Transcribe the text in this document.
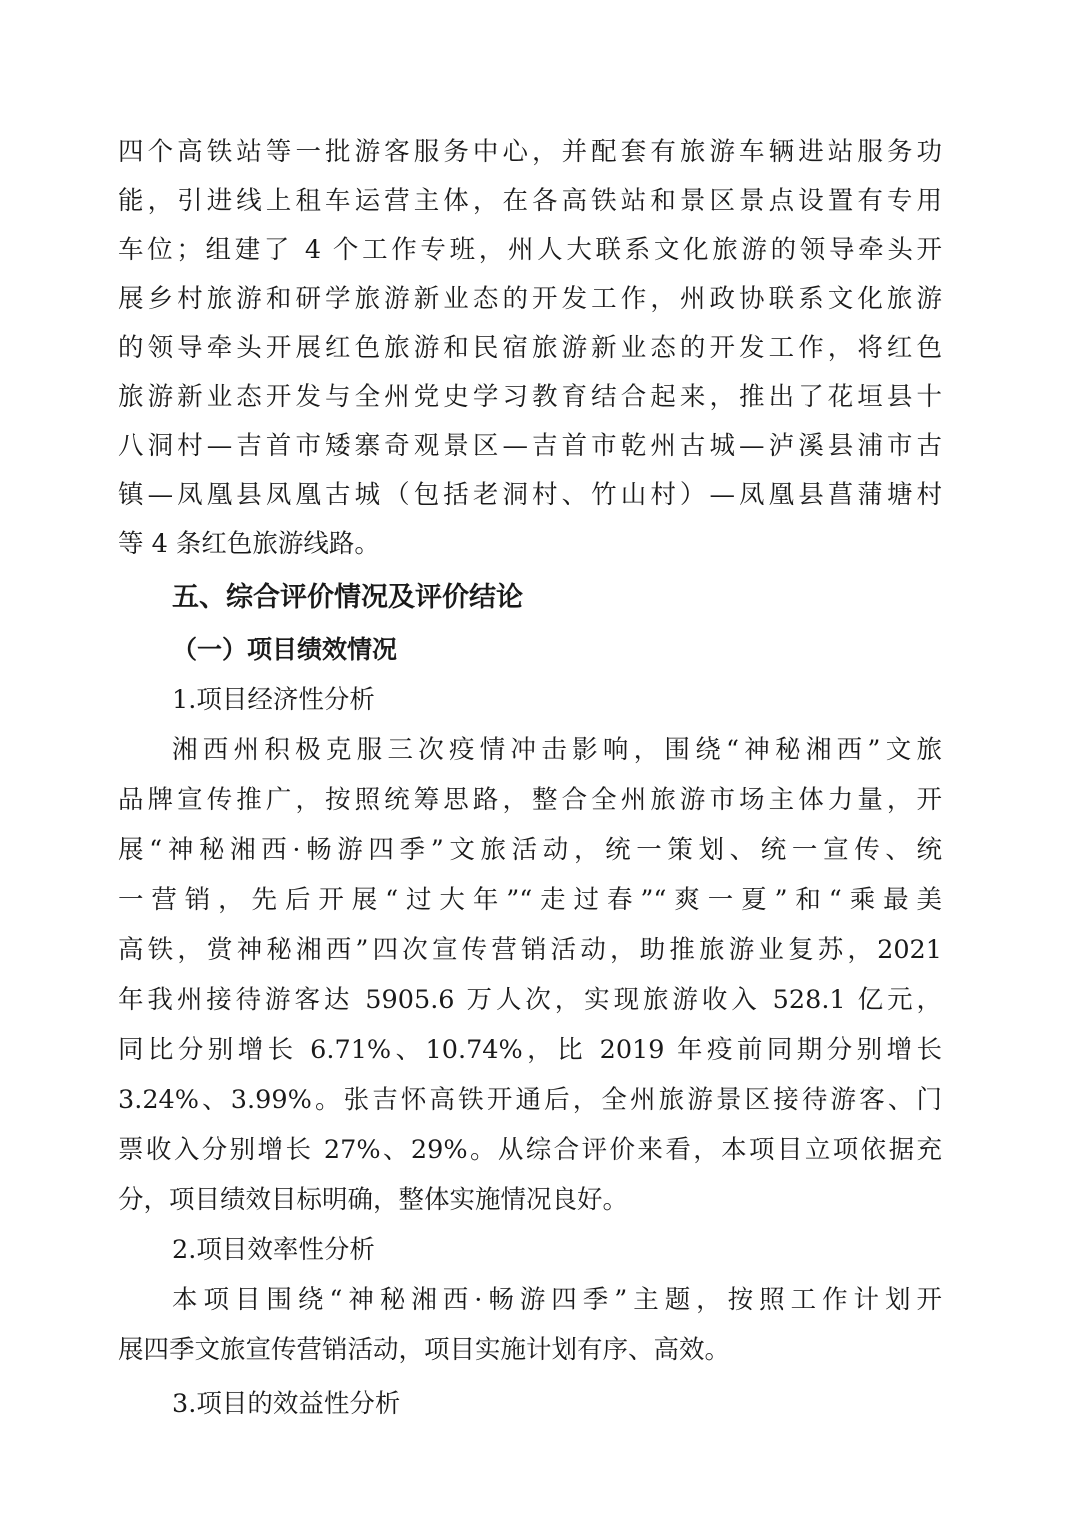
四个高铁站等一批游客服务中心，并配套有旅游车辆进站服务功
能，引进线上租车运营主体，在各高铁站和景区景点设置有专用
车位；组建了 4 个工作专班，州人大联系文化旅游的领导牵头开
展乡村旅游和研学旅游新业态的开发工作，州政协联系文化旅游
的领导牵头开展红色旅游和民宿旅游新业态的开发工作，将红色
旅游新业态开发与全州党史学习教育结合起来，推出了花垣县十
八洞村—吉首市矮寨奇观景区—吉首市乾州古城—泸溪县浦市古
镇—凤凰县凤凰古城（包括老洞村、竹山村）—凤凰县菖蒲塘村
等 4 条红色旅游线路。
五、综合评价情况及评价结论
（一）项目绩效情况
1.项目经济性分析
湘西州积极克服三次疫情冲击影响，围绕“神秘湘西”文旅
品牌宣传推广，按照统筹思路，整合全州旅游市场主体力量，开
展“神秘湘西·畅游四季”文旅活动，统一策划、统一宣传、统
一营销，先后开展“过大年”“走过春”“爽一夏”和“乘最美
高铁，赏神秘湘西”四次宣传营销活动，助推旅游业复苏，2021
年我州接待游客达 5905.6 万人次，实现旅游收入 528.1 亿元，
同比分别增长 6.71%、10.74%，比 2019 年疫前同期分别增长
3.24%、3.99%。张吉怀高铁开通后，全州旅游景区接待游客、门
票收入分别增长 27%、29%。从综合评价来看，本项目立项依据充
分，项目绩效目标明确，整体实施情况良好。
2.项目效率性分析
本项目围绕“神秘湘西·畅游四季”主题，按照工作计划开
展四季文旅宣传营销活动，项目实施计划有序、高效。
3.项目的效益性分析
